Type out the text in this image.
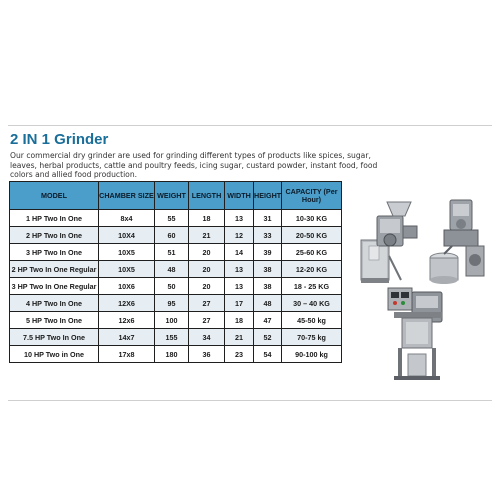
2 IN 1 Grinder
Our commercial dry grinder are used for grinding different types of products like spices, sugar, leaves, herbal products, cattle and poultry feeds, icing sugar, custard powder, instant food, food colors and allied food production.
MODEL	CHAMBER SIZE	WEIGHT	LENGTH	WIDTH	HEIGHT	CAPACITY (Per Hour)
1 HP Two In One	8x4	55	18	13	31	10-30 KG
2 HP Two In One	10X4	60	21	12	33	20-50 KG
3 HP Two In One	10X5	51	20	14	39	25-60 KG
2 HP Two In One Regular	10X5	48	20	13	38	12-20 KG
3 HP Two In One Regular	10X6	50	20	13	38	18 - 25 KG
4 HP Two In One	12X6	95	27	17	48	30 – 40 KG
5 HP Two In One	12x6	100	27	18	47	45-50 kg
7.5 HP Two In One	14x7	155	34	21	52	70-75 kg
10 HP Two in One	17x8	180	36	23	54	90-100 kg
